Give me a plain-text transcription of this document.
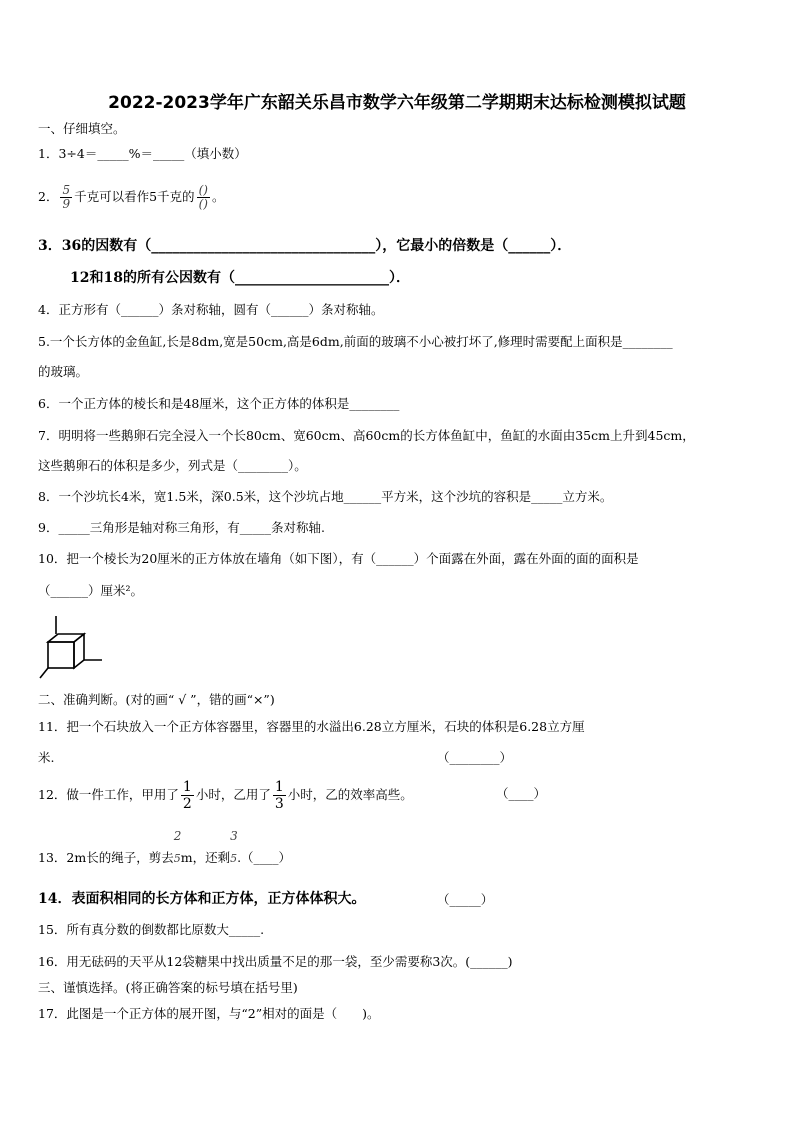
2022-2023学年广东韶关乐昌市数学六年级第二学期期末达标检测模拟试题
一、仔细填空。
1．3÷4＝_____%＝_____（填小数）
2． $\frac{5}{9}$ 千克可以看作5千克的 $\frac{()}{()}$ 。
3．36的因数有（________________________________），它最小的倍数是（______）．
12和18的所有公因数有（______________________）．
4．正方形有（______）条对称轴，圆有（______）条对称轴。
5.一个长方体的金鱼缸,长是8dm,宽是50cm,高是6dm,前面的玻璃不小心被打坏了,修理时需要配上面积是________
的玻璃。
6．一个正方体的棱长和是48厘米，这个正方体的体积是________
7．明明将一些鹅卵石完全浸入一个长80cm、宽60cm、高60cm的长方体鱼缸中，鱼缸的水面由35cm上升到45cm，
这些鹅卵石的体积是多少，列式是（________）。
8．一个沙坑长4米，宽1.5米，深0.5米，这个沙坑占地______平方米，这个沙坑的容积是_____立方米。
9．_____三角形是轴对称三角形，有_____条对称轴.
10．把一个棱长为20厘米的正方体放在墙角（如下图），有（______）个面露在外面，露在外面的面的面积是
（______）厘米²。
二、准确判断。(对的画“ √ ”，错的画“×”)
11．把一个石块放入一个正方体容器里，容器里的水溢出6.28立方厘米，石块的体积是6.28立方厘
米.	（________）
12．做一件工作，甲用了 $\frac{1}{2}$ 小时，乙用了 $\frac{1}{3}$ 小时，乙的效率高些。	（____）
13．2m长的绳子，剪去
2
5m，还剩
3
5.（____）
14．表面积相同的长方体和正方体，正方体体积大。	（_____）
15．所有真分数的倒数都比原数大_____.
16．用无砝码的天平从12袋糖果中找出质量不足的那一袋，至少需要称3次。(______)
三、谨慎选择。(将正确答案的标号填在括号里)
17．此图是一个正方体的展开图，与“2”相对的面是（　　)。
